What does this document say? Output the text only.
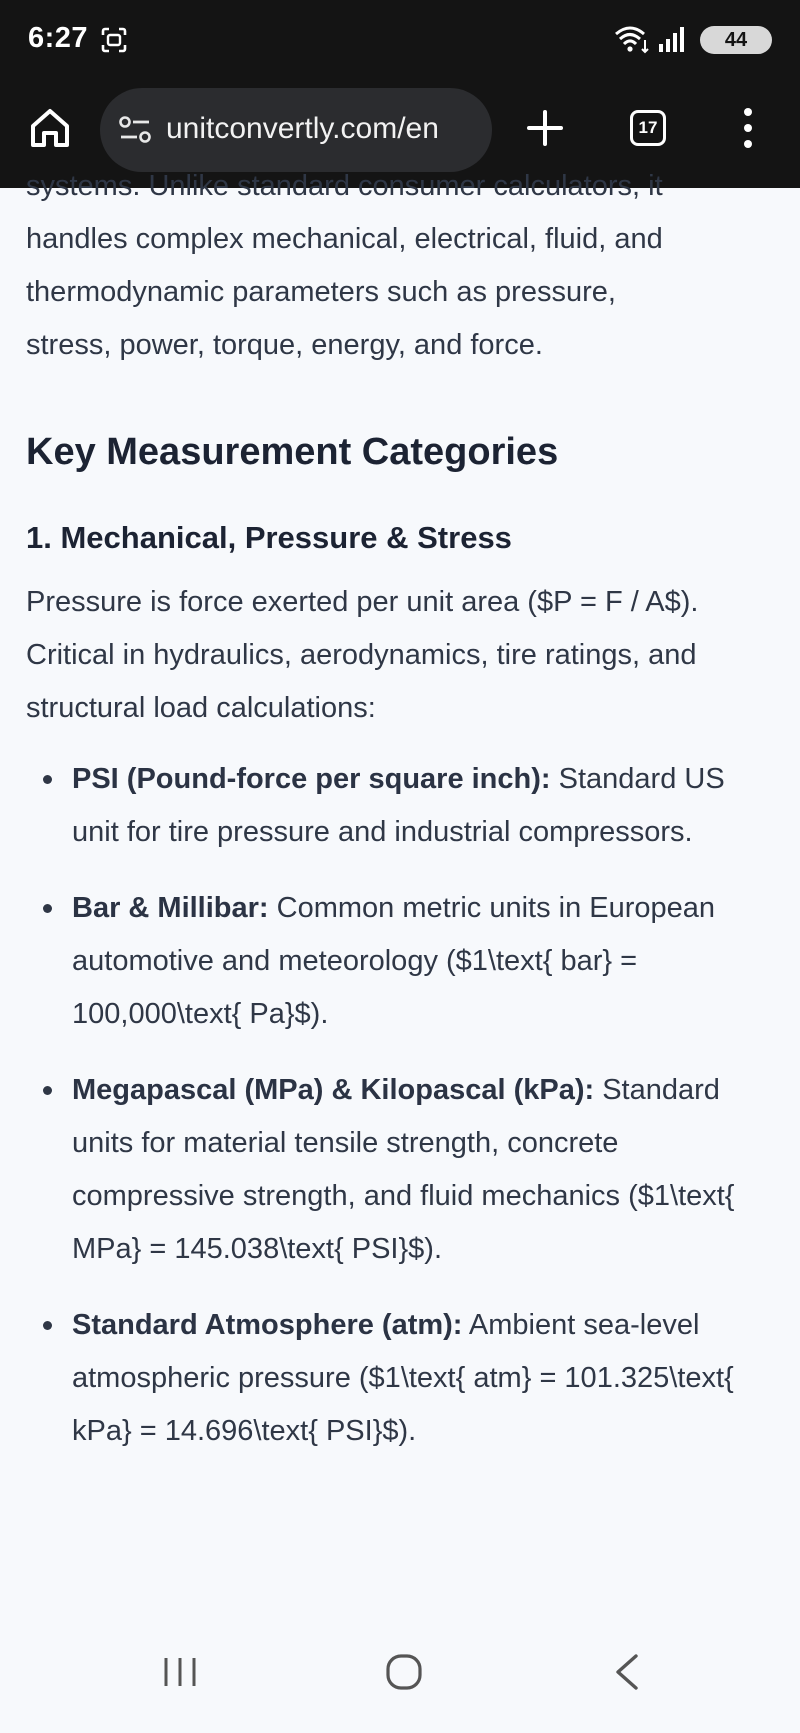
6:27	44
unitconvertly.com/en	17

systems. Unlike standard consumer calculators, it
handles complex mechanical, electrical, fluid, and
thermodynamic parameters such as pressure,
stress, power, torque, energy, and force.

Key Measurement Categories
1. Mechanical, Pressure & Stress

Pressure is force exerted per unit area ($P = F / A$). Critical in hydraulics, aerodynamics, tire ratings, and structural load calculations:

PSI (Pound-force per square inch): Standard US unit for tire pressure and industrial compressors.
Bar & Millibar: Common metric units in European automotive and meteorology ($1\text{ bar} = 100,000\text{ Pa}$).
Megapascal (MPa) & Kilopascal (kPa): Standard units for material tensile strength, concrete compressive strength, and fluid mechanics ($1\text{ MPa} = 145.038\text{ PSI}$).
Standard Atmosphere (atm): Ambient sea-level atmospheric pressure ($1\text{ atm} = 101.325\text{ kPa} = 14.696\text{ PSI}$).
